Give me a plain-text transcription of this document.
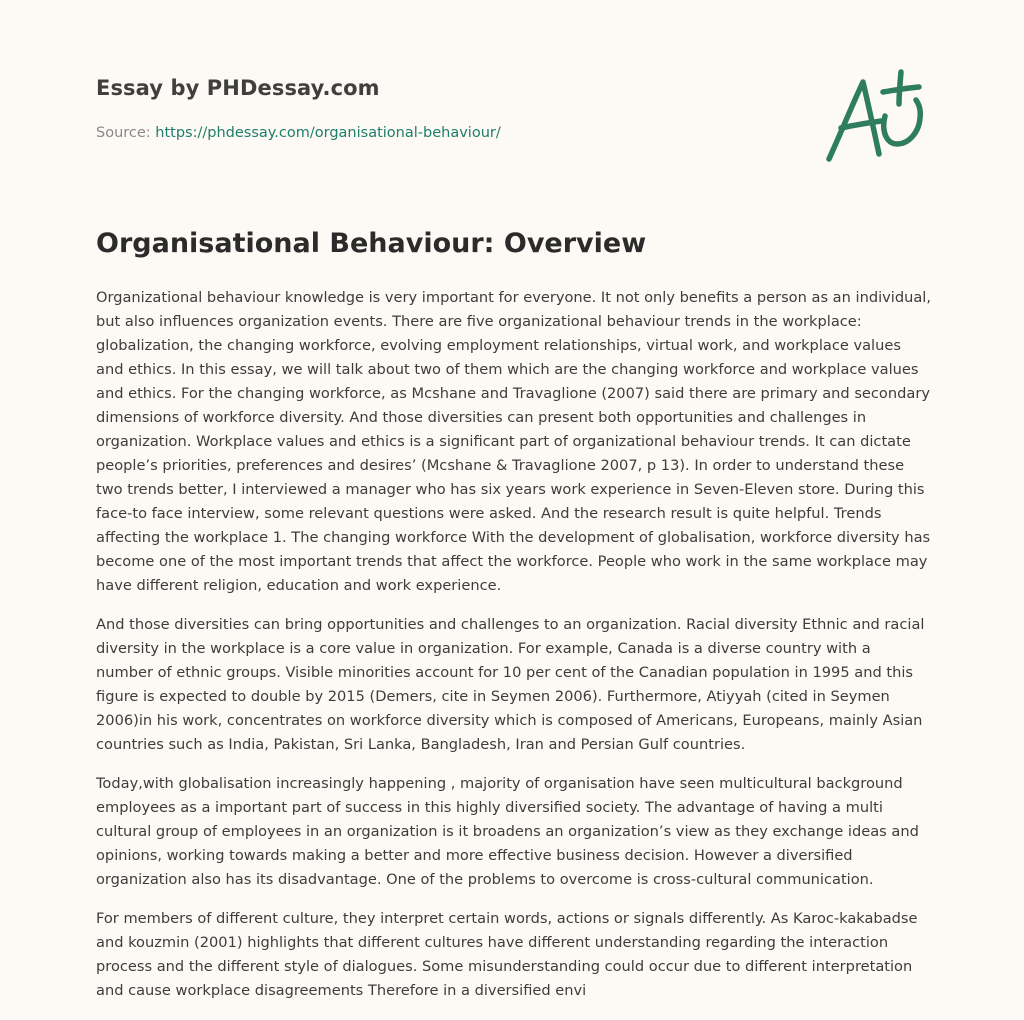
Essay by PHDessay.com
Source: https://phdessay.com/organisational-behaviour/
Organisational Behaviour: Overview

Organizational behaviour knowledge is very important for everyone. It not only benefits a person as an individual, but also influences organization events. There are five organizational behaviour trends in the workplace: globalization, the changing workforce, evolving employment relationships, virtual work, and workplace values and ethics. In this essay, we will talk about two of them which are the changing workforce and workplace values and ethics. For the changing workforce, as Mcshane and Travaglione (2007) said there are primary and secondary dimensions of workforce diversity. And those diversities can present both opportunities and challenges in organization. Workplace values and ethics is a significant part of organizational behaviour trends. It can dictate people’s priorities, preferences and desires’ (Mcshane & Travaglione 2007, p 13). In order to understand these two trends better, I interviewed a manager who has six years work experience in Seven-Eleven store. During this face-to face interview, some relevant questions were asked. And the research result is quite helpful. Trends affecting the workplace 1. The changing workforce With the development of globalisation, workforce diversity has become one of the most important trends that affect the workforce. People who work in the same workplace may have different religion, education and work experience.

And those diversities can bring opportunities and challenges to an organization. Racial diversity Ethnic and racial diversity in the workplace is a core value in organization. For example, Canada is a diverse country with a number of ethnic groups. Visible minorities account for 10 per cent of the Canadian population in 1995 and this figure is expected to double by 2015 (Demers, cite in Seymen 2006). Furthermore, Atiyyah (cited in Seymen 2006)in his work, concentrates on workforce diversity which is composed of Americans, Europeans, mainly Asian countries such as India, Pakistan, Sri Lanka, Bangladesh, Iran and Persian Gulf countries.

Today,with globalisation increasingly happening , majority of organisation have seen multicultural background employees as a important part of success in this highly diversified society. The advantage of having a multi cultural group of employees in an organization is it broadens an organization’s view as they exchange ideas and opinions, working towards making a better and more effective business decision. However a diversified organization also has its disadvantage. One of the problems to overcome is cross-cultural communication.

For members of different culture, they interpret certain words, actions or signals differently. As Karoc-kakabadse and kouzmin (2001) highlights that different cultures have different understanding regarding the interaction process and the different style of dialogues. Some misunderstanding could occur due to different interpretation and cause workplace disagreements Therefore in a diversified envi
